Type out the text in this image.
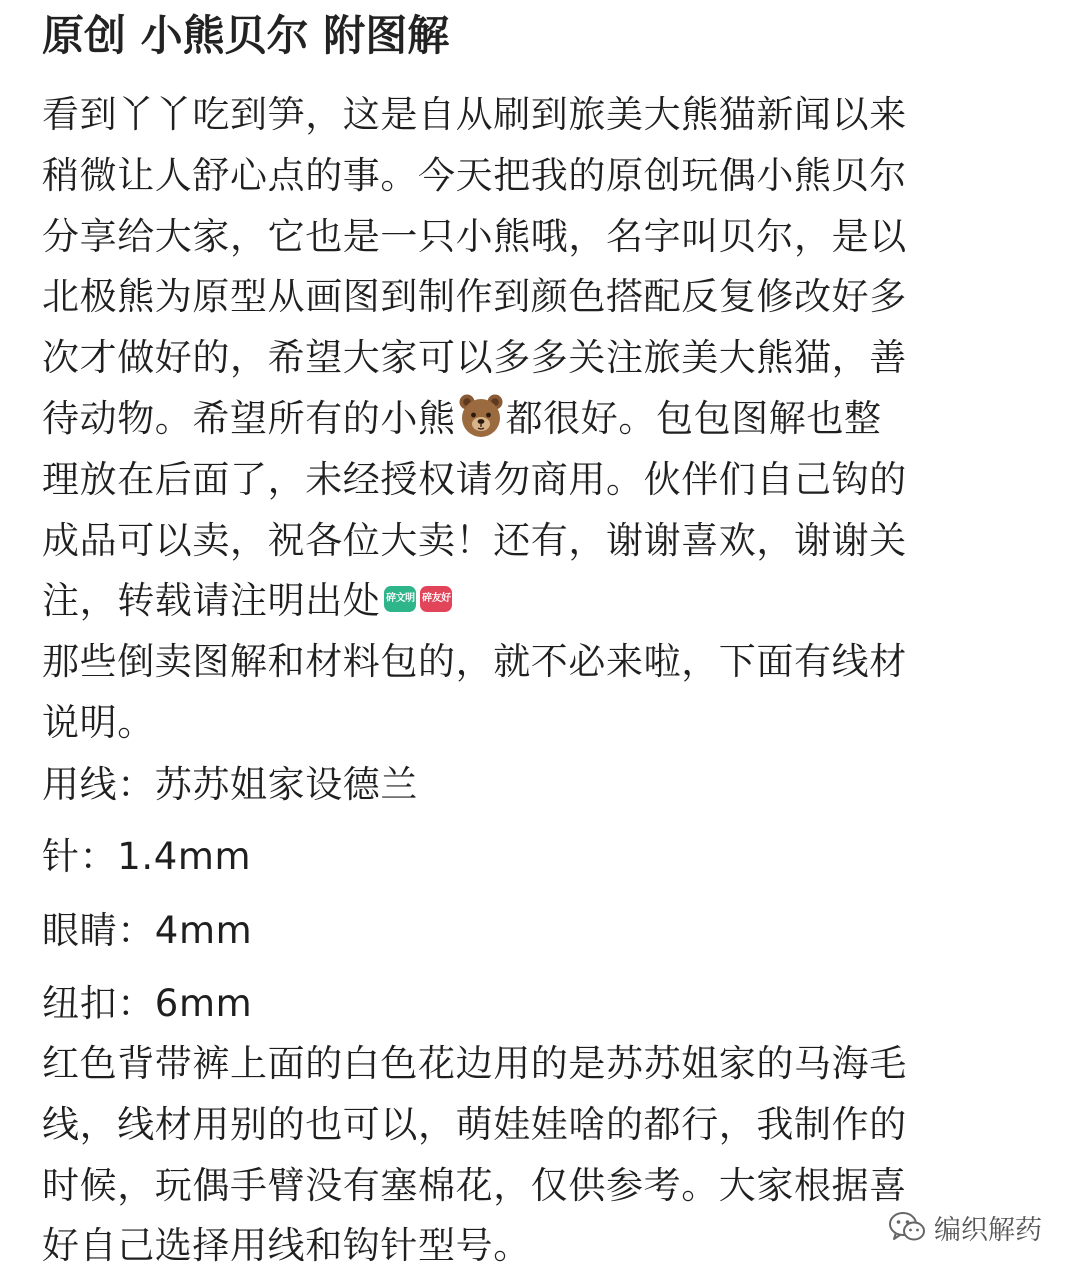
原创 小熊贝尔 附图解
看到丫丫吃到笋，这是自从刷到旅美大熊猫新闻以来
稍微让人舒心点的事。今天把我的原创玩偶小熊贝尔
分享给大家，它也是一只小熊哦，名字叫贝尔，是以
北极熊为原型从画图到制作到颜色搭配反复修改好多
次才做好的，希望大家可以多多关注旅美大熊猫，善
待动物。希望所有的小熊 都很好。包包图解也整
理放在后面了，未经授权请勿商用。伙伴们自己钩的
成品可以卖，祝各位大卖！还有，谢谢喜欢，谢谢关
注，转载请注明出处 碎文明 碎友好
那些倒卖图解和材料包的，就不必来啦，下面有线材
说明。
用线：苏苏姐家设德兰
针：1.4mm
眼睛：4mm
纽扣：6mm
红色背带裤上面的白色花边用的是苏苏姐家的马海毛
线，线材用别的也可以，萌娃娃啥的都行，我制作的
时候，玩偶手臂没有塞棉花，仅供参考。大家根据喜
好自己选择用线和钩针型号。	编织解药
